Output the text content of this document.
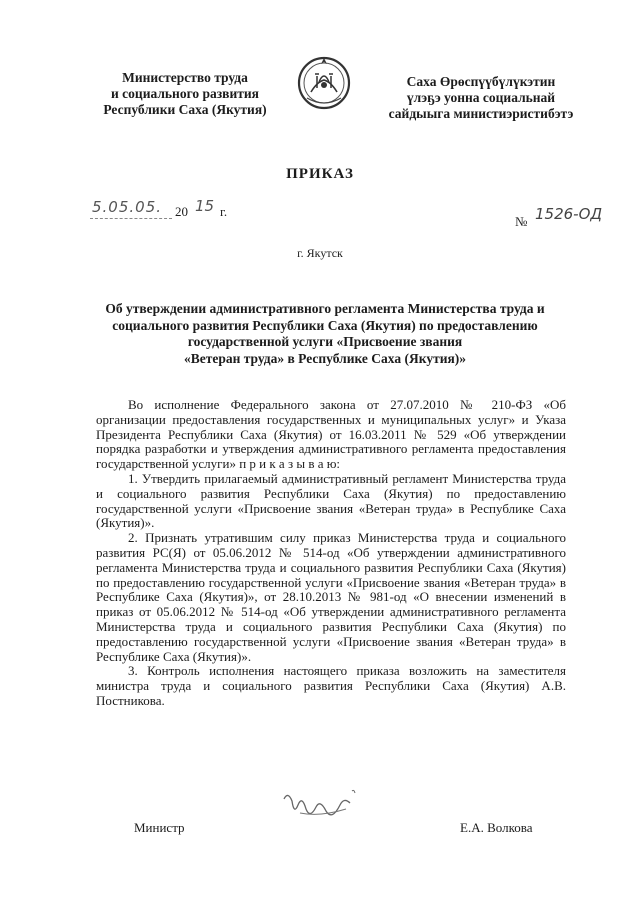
Министерство труда
и социального развития
Республики Саха (Якутия)
Саха Өрөспүүбүлүкэтин
үлэҕэ уонна социальнай
сайдыыга министиэристибэтэ
ПРИКАЗ
5.05.05. 20 15 г.
№ 1526-ОД
г. Якутск
Об утверждении административного регламента Министерства труда и
социального развития Республики Саха (Якутия) по предоставлению
государственной услуги «Присвоение звания
«Ветеран труда» в Республике Саха (Якутия)»

Во исполнение Федерального закона от 27.07.2010 № 210-ФЗ «Об организации предоставления государственных и муниципальных услуг» и Указа Президента Республики Саха (Якутия) от 16.03.2011 № 529 «Об утверждении порядка разработки и утверждения административного регламента предоставления государственной услуги» п р и к а з ы в а ю:

1. Утвердить прилагаемый административный регламент Министерства труда и социального развития Республики Саха (Якутия) по предоставлению государственной услуги «Присвоение звания «Ветеран труда» в Республике Саха (Якутия)».

2. Признать утратившим силу приказ Министерства труда и социального развития РС(Я) от 05.06.2012 № 514-од «Об утверждении административного регламента Министерства труда и социального развития Республики Саха (Якутия) по предоставлению государственной услуги «Присвоение звания «Ветеран труда» в Республике Саха (Якутия)», от 28.10.2013 № 981-од «О внесении изменений в приказ от 05.06.2012 № 514-од «Об утверждении административного регламента Министерства труда и социального развития Республики Саха (Якутия) по предоставлению государственной услуги «Присвоение звания «Ветеран труда» в Республике Саха (Якутия)».

3. Контроль исполнения настоящего приказа возложить на заместителя министра труда и социального развития Республики Саха (Якутия) А.В. Постникова.

Министр	Е.А. Волкова
